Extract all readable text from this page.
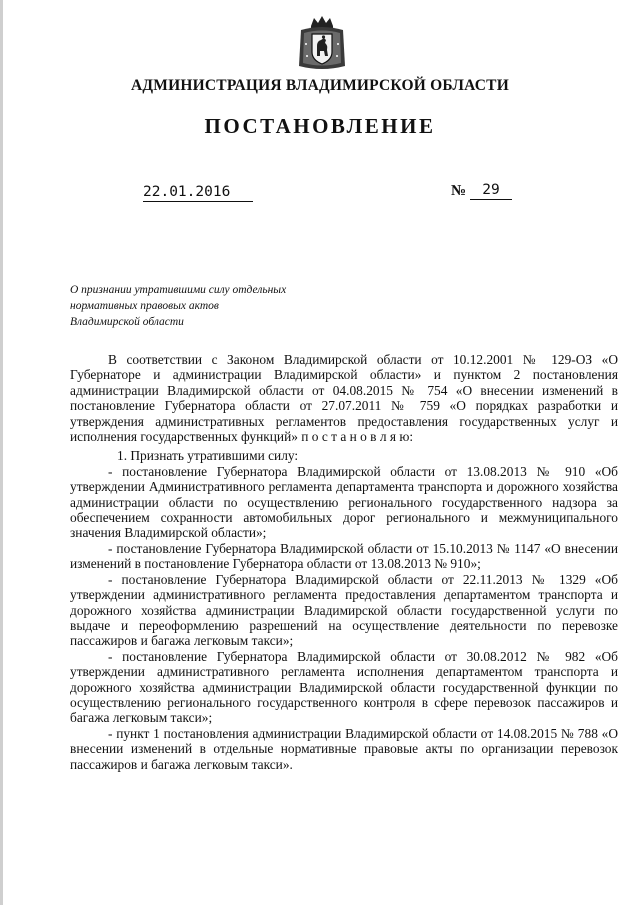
АДМИНИСТРАЦИЯ ВЛАДИМИРСКОЙ ОБЛАСТИ
ПОСТАНОВЛЕНИЕ
22.01.2016	№	29
О признании утратившими силу отдельных
нормативных правовых актов
Владимирской области

В соответствии с Законом Владимирской области от 10.12.2001 № 129-ОЗ «О Губернаторе и администрации Владимирской области» и пунктом 2 постановления администрации Владимирской области от 04.08.2015 № 754 «О внесении изменений в постановление Губернатора области от 27.07.2011 № 759 «О порядках разработки и утверждения административных регламентов предоставления государственных услуг и исполнения государственных функций» п о с т а н о в л я ю:

1. Признать утратившими силу:

- постановление Губернатора Владимирской области от 13.08.2013 № 910 «Об утверждении Административного регламента департамента транспорта и дорожного хозяйства администрации области по осуществлению регионального государственного надзора за обеспечением сохранности автомобильных дорог регионального и межмуниципального значения Владимирской области»;

- постановление Губернатора Владимирской области от 15.10.2013 № 1147 «О внесении изменений в постановление Губернатора области от 13.08.2013 № 910»;

- постановление Губернатора Владимирской области от 22.11.2013 № 1329 «Об утверждении административного регламента предоставления департаментом транспорта и дорожного хозяйства администрации Владимирской области государственной услуги по выдаче и переоформлению разрешений на осуществление деятельности по перевозке пассажиров и багажа легковым такси»;

- постановление Губернатора Владимирской области от 30.08.2012 № 982 «Об утверждении административного регламента исполнения департаментом транспорта и дорожного хозяйства администрации Владимирской области государственной функции по осуществлению регионального государственного контроля в сфере перевозок пассажиров и багажа легковым такси»;

- пункт 1 постановления администрации Владимирской области от 14.08.2015 № 788 «О внесении изменений в отдельные нормативные правовые акты по организации перевозок пассажиров и багажа легковым такси».
